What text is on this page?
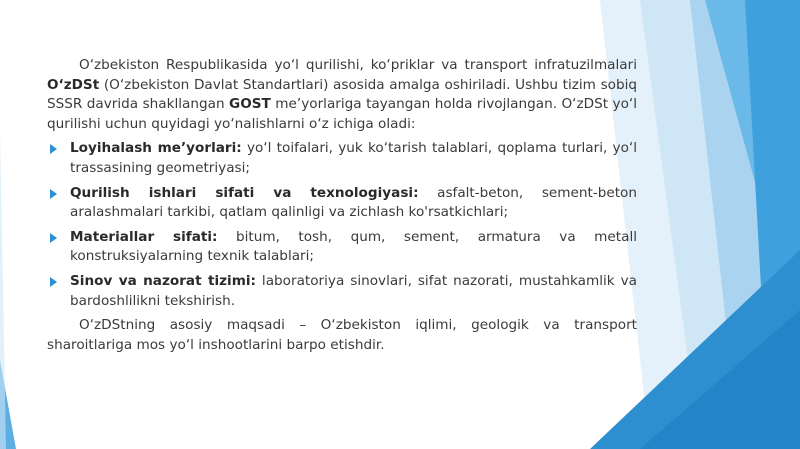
O‘zbekiston Respublikasida yo‘l qurilishi, ko‘priklar va transport infratuzilmalari O‘zDSt (O‘zbekiston Davlat Standartlari) asosida amalga oshiriladi. Ushbu tizim sobiq SSSR davrida shakllangan GOST me’yorlariga tayangan holda rivojlangan. O‘zDSt yo‘l qurilishi uchun quyidagi yo‘nalishlarni o‘z ichiga oladi:

Loyihalash me’yorlari: yo‘l toifalari, yuk ko‘tarish talablari, qoplama turlari, yo‘l trassasining geometriyasi;
Qurilish ishlari sifati va texnologiyasi: asfalt-beton, sement-beton aralashmalari tarkibi, qatlam qalinligi va zichlash ko'rsatkichlari;
Materiallar sifati: bitum, tosh, qum, sement, armatura va metall konstruksiyalarning texnik talablari;
Sinov va nazorat tizimi: laboratoriya sinovlari, sifat nazorati, mustahkamlik va bardoshlilikni tekshirish.

O‘zDStning asosiy maqsadi – O‘zbekiston iqlimi, geologik va transport sharoitlariga mos yo‘l inshootlarini barpo etishdir.
